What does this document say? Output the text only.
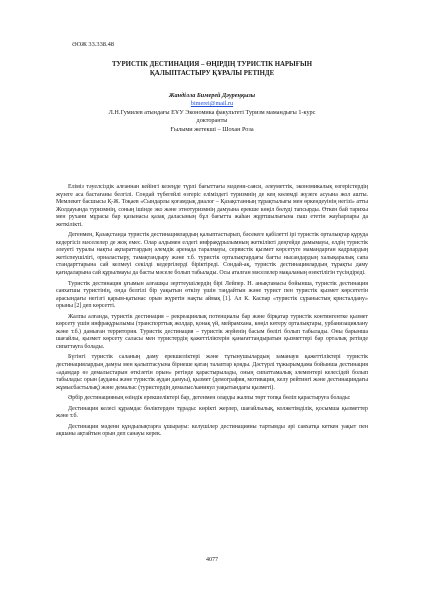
ӘОЖ 33.338.48
ТУРИСТІК ДЕСТИНАЦИЯ – ӨҢІРДІҢ ТУРИСТІК НАРЫҒЫН
ҚАЛЫПТАСТЫРУ ҚҰРАЛЫ РЕТІНДЕ
Жанділла Бимерей Дәуреңқызы
bimerei@mail.ru
Л.Н.Гумилев атындағы ЕҰУ Экономика факультеті Туризм мамандығы 1-курс
докторанты
Ғылыми жетекші – Шохан Роза

Еліміз тәуелсіздік алғаннан кейінгі кезеңде түрлі бағыттағы мәдени-саяси, әлеуметтік, экономикалық өзгерістердің жүзеге аса бастағаны белгілі. Сондай түбегейлі өзгеріс еліміздегі туризмнің де кең көлемді жүзеге асуына жол ашты. Мемлекет басшысы Қ-Ж. Тоқаев «Сындарлы қоғамдық диалог – Қазақстанның тұрақтылығы мен өркендеуінің негізі» атты Жолдауында туризмнің, соның ішінде эко және этнотуризмнің дамуына ерекше көңіл бөлуді тапсырды. Өткен бай тарихы мен рухани мұрасы бар қазынасы қазақ даласының бұл бағытта жаһан жұртшылығына паш ететін жауһарлары да жеткілікті.

Дегенмен, Қазақстанда туристік дестинациялардың қалыптастырып, бәсекеге қабілетті ірі туристік орталықтар құруда кедергісіз мәселелер де жоқ емес. Олар алдымен елдегі инфрақұрылымның жеткілікті деңгейде дамымауы, елдің туристік әлеуеті туралы нақты ақпараттардың әлемдік аренада таралмауы, сервистік қызмет көрсетуге мамандарған кадрлардың жетіспеушілігі, орналастыру, тамақтандыру және т.б. туристік орталықтардағы бағты нысандардың халықаралық сапа стандарттарына сай келмеуі секілді кедергілерді біріктіреді. Сондай-ақ, туристік дестинациялардың тұрақты даму қағидаларына сай құрылмауы да басты мәселе болып табылады. Осы аталған мәселелер мақаланың өзектілігін түсіндіреді.

Туристік дестинация ұғымын алғашқы зерттеушілердің бірі Лейпер. Н. анықтамасы бойынша, туристік дестинация саяхатшы туристінің, онда белгілі бір уақытын өткізу үшін таңдайтын және турист пен туристік қызмет көрсететін арасындағы негізгі қарым-қатынас орын жүретін нақты аймақ [1]. Ал К. Каспар «туристік сұраныстың кристалдану» орыны [2] деп көрсетті.

Жалпы алғанда, туристік дестинация – рекреациялық потенциалы бар және бірқатар туристік контингентке қызмет көрсету үшін инфрақұрылымы (транспорттық жолдар, қонақ үй, мейрамхана, көңіл көтеру орталықтары, урбанизациялану және т.б.) дамыған территория. Туристік дестинация – туристік жүйенің басым бөлігі болып табылады. Оны барынша шағайлы, қызмет көрсету саласы мен туристердің қажеттіліктерін қанағаттандыратын қызметтері бар орталық ретінде сипаттауға болады.

Бүгінгі туристік саланың даму ерекшеліктері және тұтынушылардың заманауи қажеттіліктері туристік дестинациялардың дамуы мен қалыптасуына бірнеше қатаң талаптар қояды. Дәстүрлі тұжырымдама бойынша дестинация «адамдар өз демалыстарын өткізетін орын» ретінде қарастырылады, оның сипаттамалық элементері келесідей болып табылады: орын (ауданы және туристік аудан дамуы), қызмет (демография, мотивация, келу рейтингі және дестинациядағы жұмысбастылық) және демалыс (туристердің демалыс/каникул уақытындағы қызметі).

Әрбір дестинацияның өзіндік ерекшеліктері бар, дегенмен оларды жалпы төрт топқа бөліп қарастыруға болады:

Дестинация келесі құрамдас бөліктерден тұрады: көрікті жерлер, шағайлылық, колжетімділік, қосымша қызметтер және т.б.

Дестинация мәдени құндылықтарға ұшырауы: келушілер дестинацияны тартымды әрі саяхатқа кеткен уақыт пен ақшаны ақтайтын орын деп санауы керек.

4077
